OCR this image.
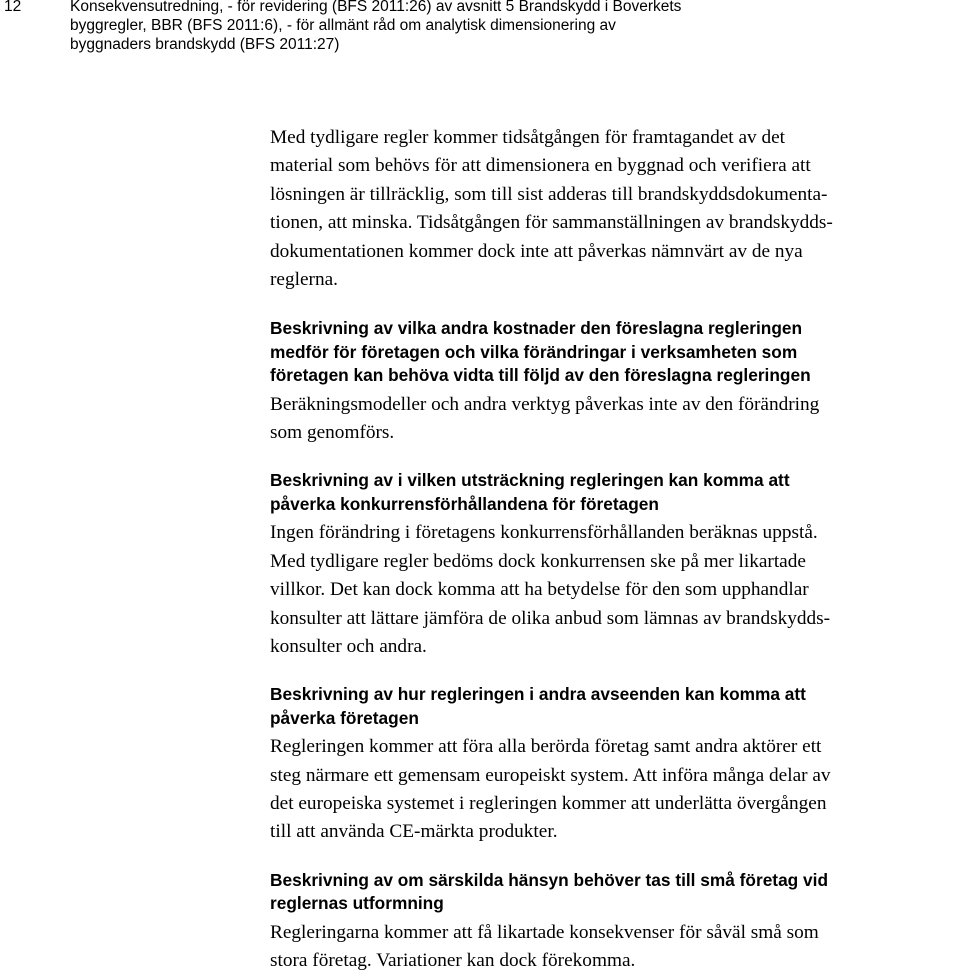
12	Konsekvensutredning, - för revidering (BFS 2011:26) av avsnitt 5 Brandskydd i Boverkets
byggregler, BBR (BFS 2011:6), - för allmänt råd om analytisk dimensionering av
byggnaders brandskydd (BFS 2011:27)

Med tydligare regler kommer tidsåtgången för framtagandet av det
material som behövs för att dimensionera en byggnad och verifiera att
lösningen är tillräcklig, som till sist adderas till brandskyddsdokumenta-
tionen, att minska. Tidsåtgången för sammanställningen av brandskydds-
dokumentationen kommer dock inte att påverkas nämnvärt av de nya
reglerna.

Beskrivning av vilka andra kostnader den föreslagna regleringen
medför för företagen och vilka förändringar i verksamheten som
företagen kan behöva vidta till följd av den föreslagna regleringen

Beräkningsmodeller och andra verktyg påverkas inte av den förändring
som genomförs.

Beskrivning av i vilken utsträckning regleringen kan komma att
påverka konkurrensförhållandena för företagen

Ingen förändring i företagens konkurrensförhållanden beräknas uppstå.
Med tydligare regler bedöms dock konkurrensen ske på mer likartade
villkor. Det kan dock komma att ha betydelse för den som upphandlar
konsulter att lättare jämföra de olika anbud som lämnas av brandskydds-
konsulter och andra.

Beskrivning av hur regleringen i andra avseenden kan komma att
påverka företagen

Regleringen kommer att föra alla berörda företag samt andra aktörer ett
steg närmare ett gemensam europeiskt system. Att införa många delar av
det europeiska systemet i regleringen kommer att underlätta övergången
till att använda CE-märkta produkter.

Beskrivning av om särskilda hänsyn behöver tas till små företag vid
reglernas utformning

Regleringarna kommer att få likartade konsekvenser för såväl små som
stora företag. Variationer kan dock förekomma.
